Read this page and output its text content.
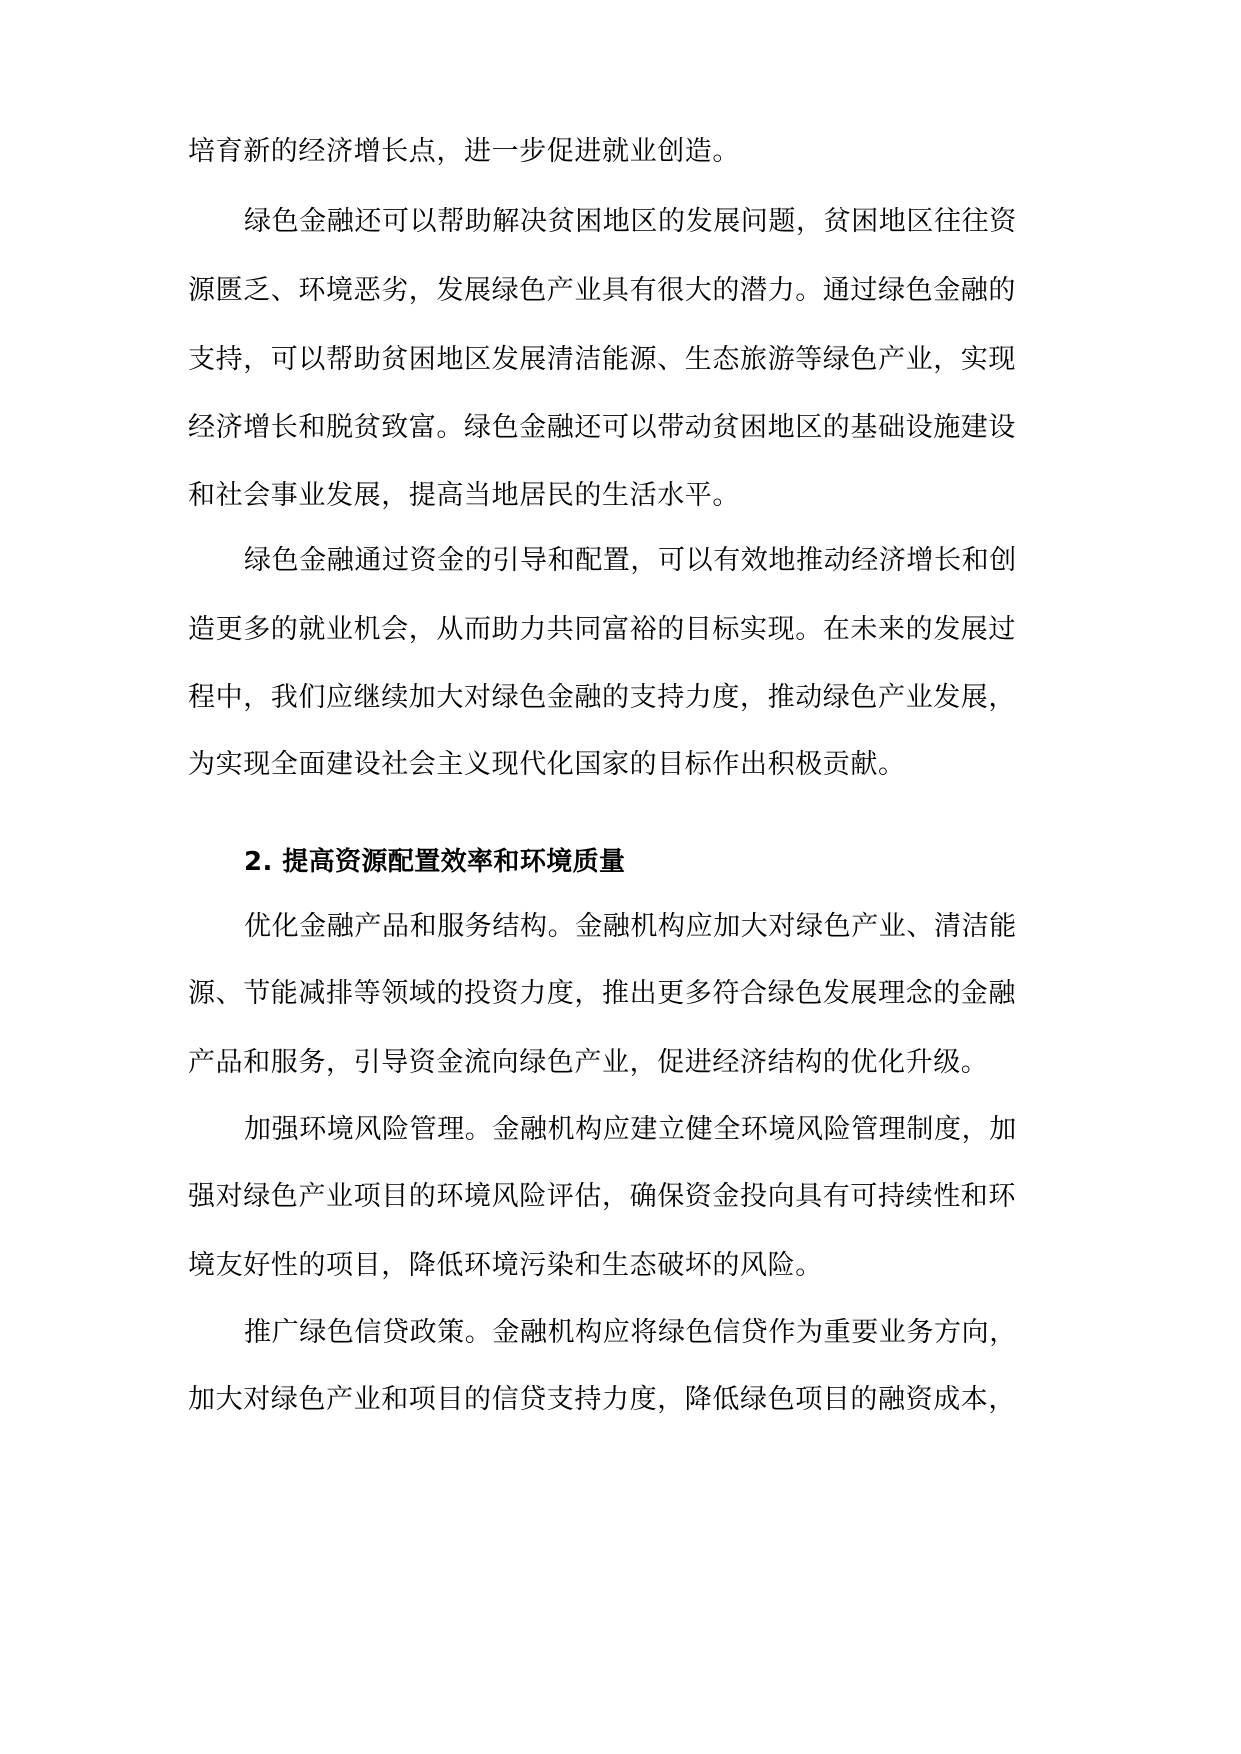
培育新的经济增长点，进一步促进就业创造。
绿色金融还可以帮助解决贫困地区的发展问题，贫困地区往往资
源匮乏、环境恶劣，发展绿色产业具有很大的潜力。通过绿色金融的
支持，可以帮助贫困地区发展清洁能源、生态旅游等绿色产业，实现
经济增长和脱贫致富。绿色金融还可以带动贫困地区的基础设施建设
和社会事业发展，提高当地居民的生活水平。
绿色金融通过资金的引导和配置，可以有效地推动经济增长和创
造更多的就业机会，从而助力共同富裕的目标实现。在未来的发展过
程中，我们应继续加大对绿色金融的支持力度，推动绿色产业发展，
为实现全面建设社会主义现代化国家的目标作出积极贡献。
2. 提高资源配置效率和环境质量
优化金融产品和服务结构。金融机构应加大对绿色产业、清洁能
源、节能减排等领域的投资力度，推出更多符合绿色发展理念的金融
产品和服务，引导资金流向绿色产业，促进经济结构的优化升级。
加强环境风险管理。金融机构应建立健全环境风险管理制度，加
强对绿色产业项目的环境风险评估，确保资金投向具有可持续性和环
境友好性的项目，降低环境污染和生态破坏的风险。
推广绿色信贷政策。金融机构应将绿色信贷作为重要业务方向，
加大对绿色产业和项目的信贷支持力度，降低绿色项目的融资成本，
